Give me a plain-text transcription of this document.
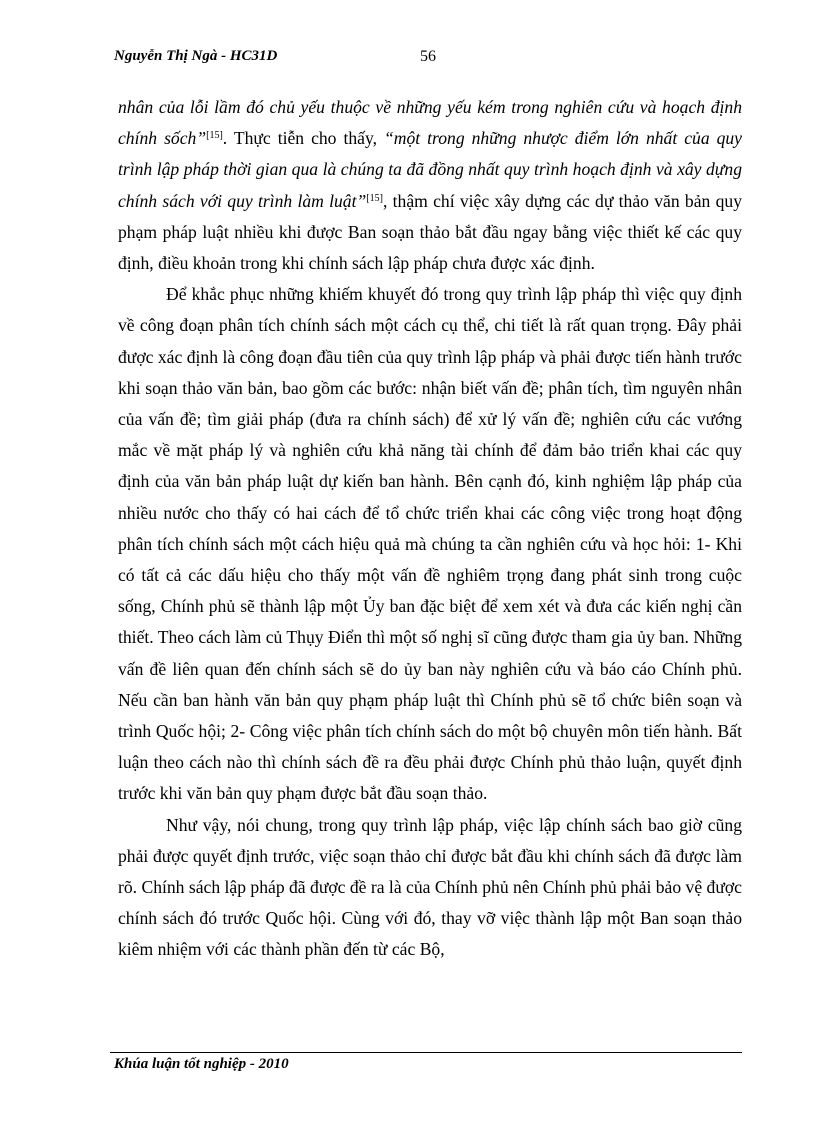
Nguyễn Thị Ngà - HC31D	56

nhân của lỗi lầm đó chủ yếu thuộc về những yếu kém trong nghiên cứu và hoạch định chính sốch”[15]. Thực tiễn cho thấy, “một trong những nhược điểm lớn nhất của quy trình lập pháp thời gian qua là chúng ta đã đồng nhất quy trình hoạch định và xây dựng chính sách với quy trình làm luật”[15], thậm chí việc xây dựng các dự thảo văn bản quy phạm pháp luật nhiều khi được Ban soạn thảo bắt đầu ngay bằng việc thiết kế các quy định, điều khoản trong khi chính sách lập pháp chưa được xác định.

Để khắc phục những khiếm khuyết đó trong quy trình lập pháp thì việc quy định về công đoạn phân tích chính sách một cách cụ thể, chi tiết là rất quan trọng. Đây phải được xác định là công đoạn đầu tiên của quy trình lập pháp và phải được tiến hành trước khi soạn thảo văn bản, bao gồm các bước: nhận biết vấn đề; phân tích, tìm nguyên nhân của vấn đề; tìm giải pháp (đưa ra chính sách) để xử lý vấn đề; nghiên cứu các vướng mắc về mặt pháp lý và nghiên cứu khả năng tài chính để đảm bảo triển khai các quy định của văn bản pháp luật dự kiến ban hành. Bên cạnh đó, kinh nghiệm lập pháp của nhiều nước cho thấy có hai cách để tổ chức triển khai các công việc trong hoạt động phân tích chính sách một cách hiệu quả mà chúng ta cần nghiên cứu và học hỏi: 1- Khi có tất cả các dấu hiệu cho thấy một vấn đề nghiêm trọng đang phát sinh trong cuộc sống, Chính phủ sẽ thành lập một Ủy ban đặc biệt để xem xét và đưa các kiến nghị cần thiết. Theo cách làm củ Thụy Điển thì một số nghị sĩ cũng được tham gia ủy ban. Những vấn đề liên quan đến chính sách sẽ do ủy ban này nghiên cứu và báo cáo Chính phủ. Nếu cần ban hành văn bản quy phạm pháp luật thì Chính phủ sẽ tổ chức biên soạn và trình Quốc hội; 2- Công việc phân tích chính sách do một bộ chuyên môn tiến hành. Bất luận theo cách nào thì chính sách đề ra đều phải được Chính phủ thảo luận, quyết định trước khi văn bản quy phạm được bắt đầu soạn thảo.

Như vậy, nói chung, trong quy trình lập pháp, việc lập chính sách bao giờ cũng phải được quyết định trước, việc soạn thảo chỉ được bắt đầu khi chính sách đã được làm rõ. Chính sách lập pháp đã được đề ra là của Chính phủ nên Chính phủ phải bảo vệ được chính sách đó trước Quốc hội. Cùng với đó, thay vỡ việc thành lập một Ban soạn thảo kiêm nhiệm với các thành phần đến từ các Bộ,

Khúa luận tốt nghiệp - 2010
